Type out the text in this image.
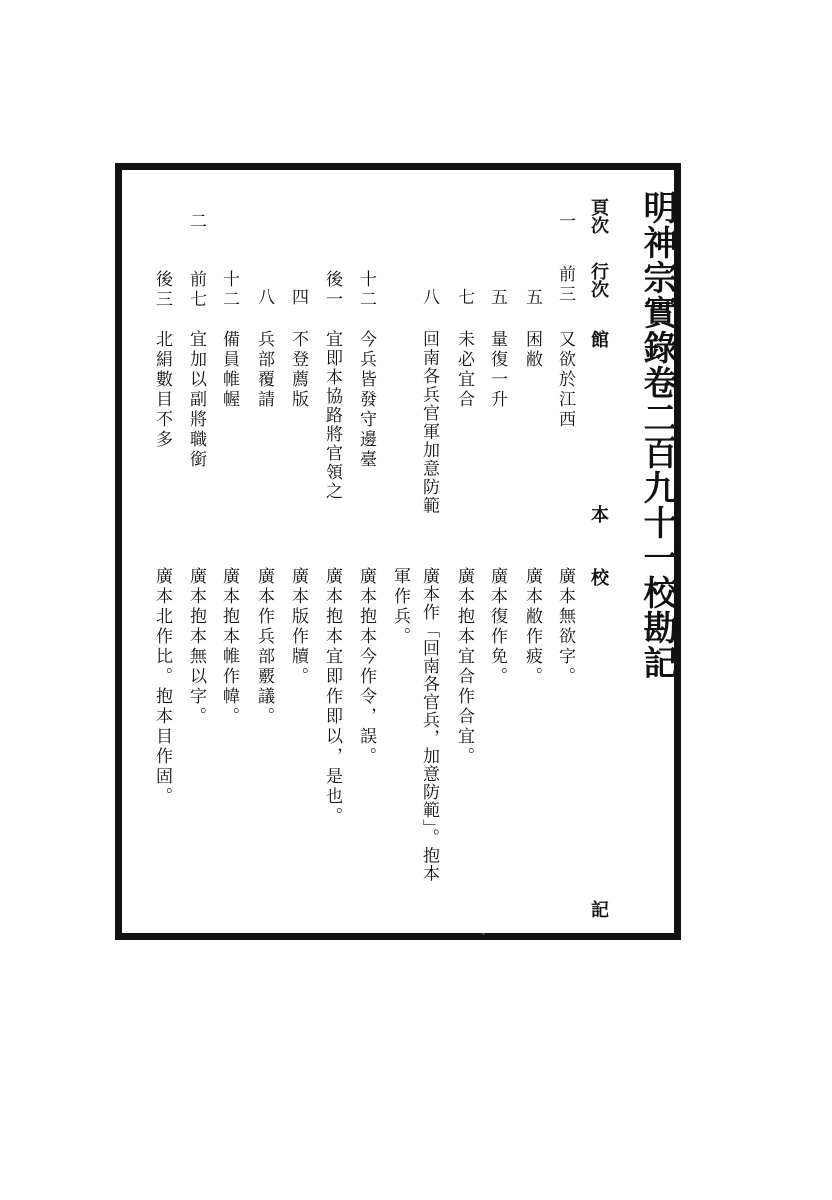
明神宗實錄卷二百九十一校勘記
頁次
行次
館
本
校
記
一
前三
又欲於江西
廣本無欲字。
五
困敝
廣本敝作疲。
五
量復一升
廣本復作免。
七
未必宜合
廣本抱本宜合作合宜。
八
回南各兵官軍加意防範
廣本作「回南各官兵，加意防範」。抱本
軍作兵。
十二
今兵皆發守邊臺
廣本抱本今作令，誤。
後一
宜即本協路將官領之
廣本抱本宜即作即以，是也。
四
不登薦版
廣本版作牘。
八
兵部覆請
廣本作兵部覈議。
十二
備員帷幄
廣本抱本帷作幃。
二
前七
宜加以副將職銜
廣本抱本無以字。
後三
北絹數目不多
廣本北作比。抱本目作固。
